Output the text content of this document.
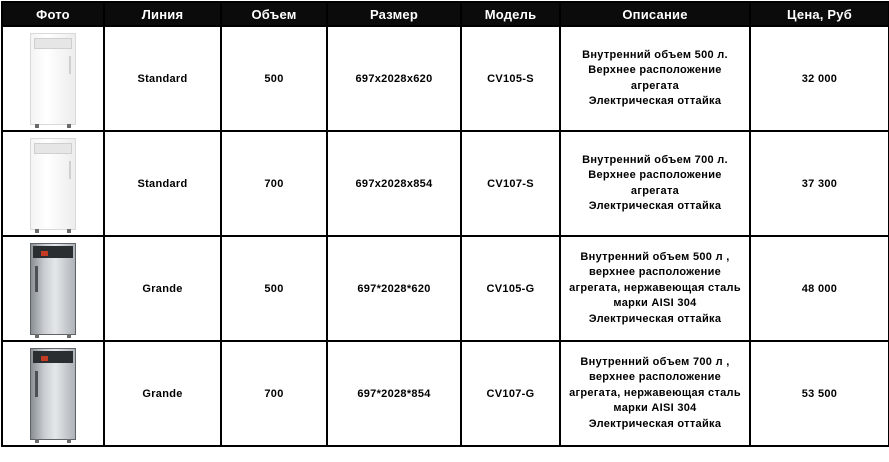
Фото	Линия	Объем	Размер	Модель	Описание	Цена, Руб

	Standard	500	697x2028x620	CV105-S	Внутренний объем 500 л.
Верхнее расположение
агрегата
Электрическая оттайка	32 000

	Standard	700	697x2028x854	CV107-S	Внутренний объем 700 л.
Верхнее расположение
агрегата
Электрическая оттайка	37 300

	Grande	500	697*2028*620	CV105-G	Внутренний объем 500 л ,
верхнее расположение
агрегата, нержавеющая сталь
марки AISI 304
Электрическая оттайка	48 000

	Grande	700	697*2028*854	CV107-G	Внутренний объем 700 л ,
верхнее расположение
агрегата, нержавеющая сталь
марки AISI 304
Электрическая оттайка	53 500
